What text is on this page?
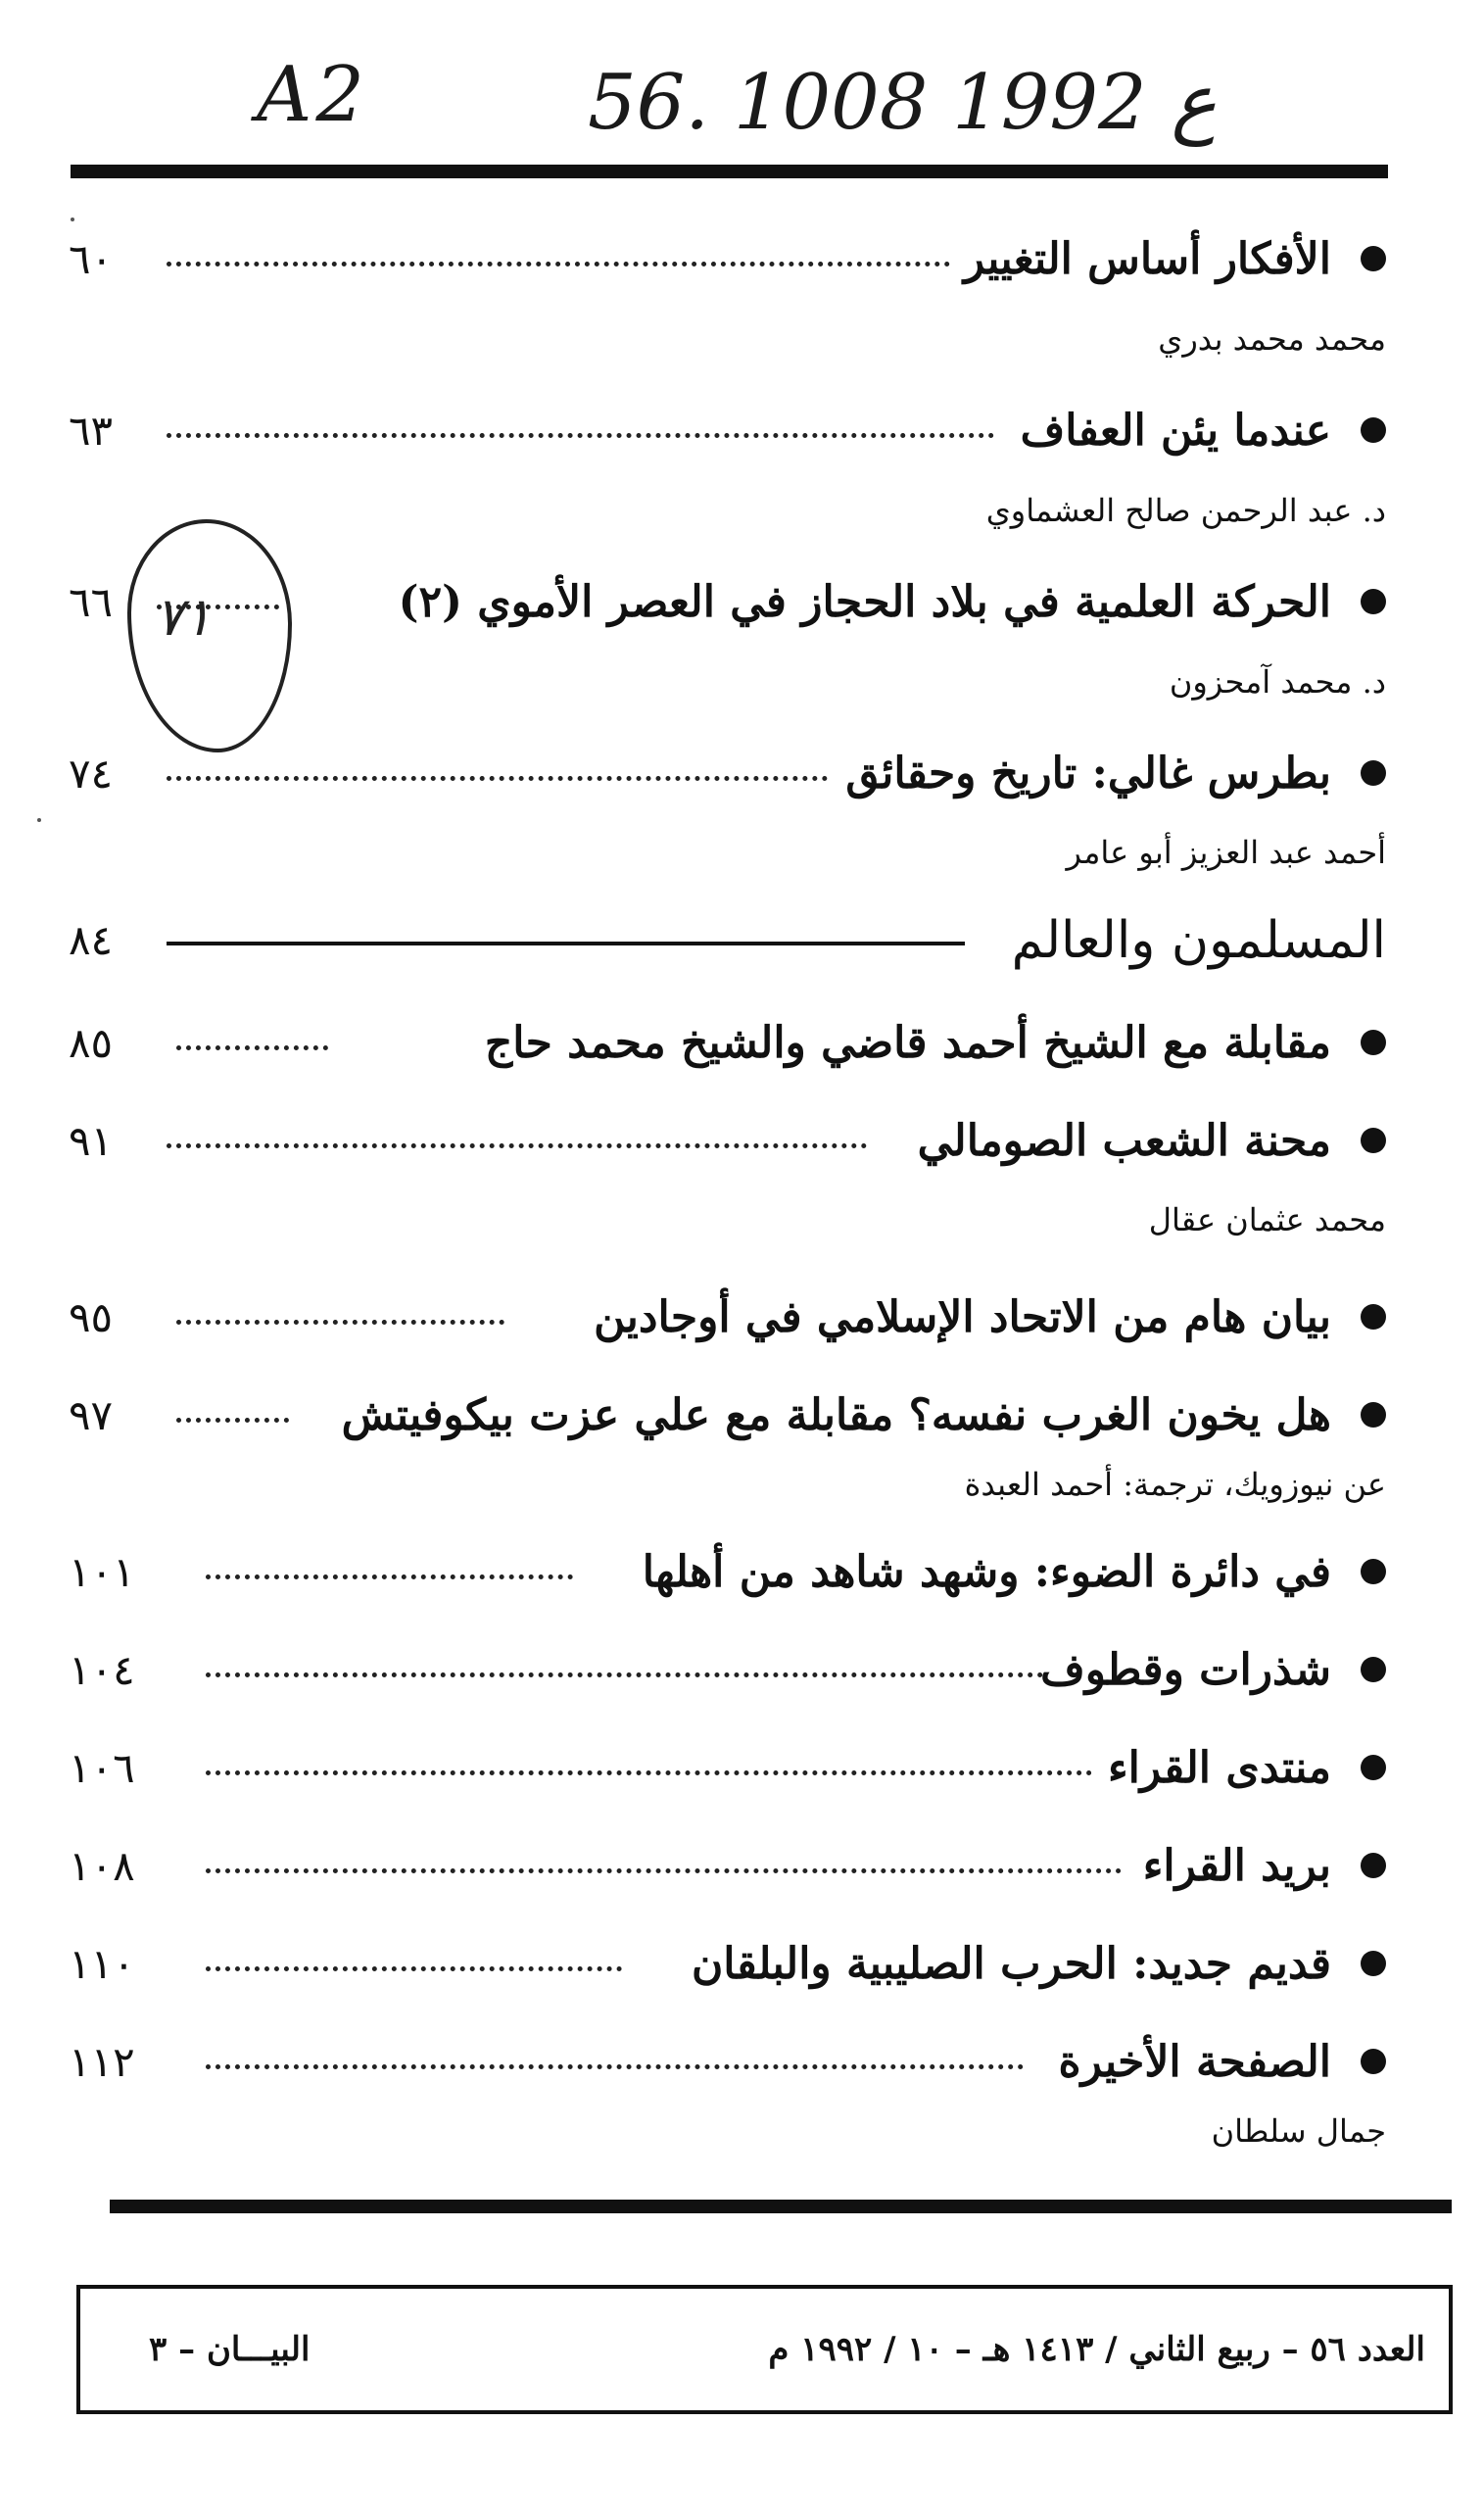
A2	56. ع 1992 1008
٧١
الأفكار أساس التغيير
٦٠
محمد محمد بدري
عندما يئن العفاف
٦٣
د. عبد الرحمن صالح العشماوي
الحركة العلمية في بلاد الحجاز في العصر الأموي (٢)
٦٦
د. محمد آمحزون
بطرس غالي: تاريخ وحقائق
٧٤
أحمد عبد العزيز أبو عامر
المسلمون والعالم
٨٤
مقابلة مع الشيخ أحمد قاضي والشيخ محمد حاج
٨٥
محنة الشعب الصومالي
٩١
محمد عثمان عقال
بيان هام من الاتحاد الإسلامي في أوجادين
٩٥
هل يخون الغرب نفسه؟ مقابلة مع علي عزت بيكوفيتش
٩٧
عن نيوزويك، ترجمة: أحمد العبدة
في دائرة الضوء: وشهد شاهد من أهلها
١٠١
شذرات وقطوف
١٠٤
منتدى القراء
١٠٦
بريد القراء
١٠٨
قديم جديد: الحرب الصليبية والبلقان
١١٠
الصفحة الأخيرة
١١٢
جمال سلطان
العدد ٥٦ – ربيع الثاني / ١٤١٣ هـ – ١٠ / ١٩٩٢ م
البيـــان – ٣
